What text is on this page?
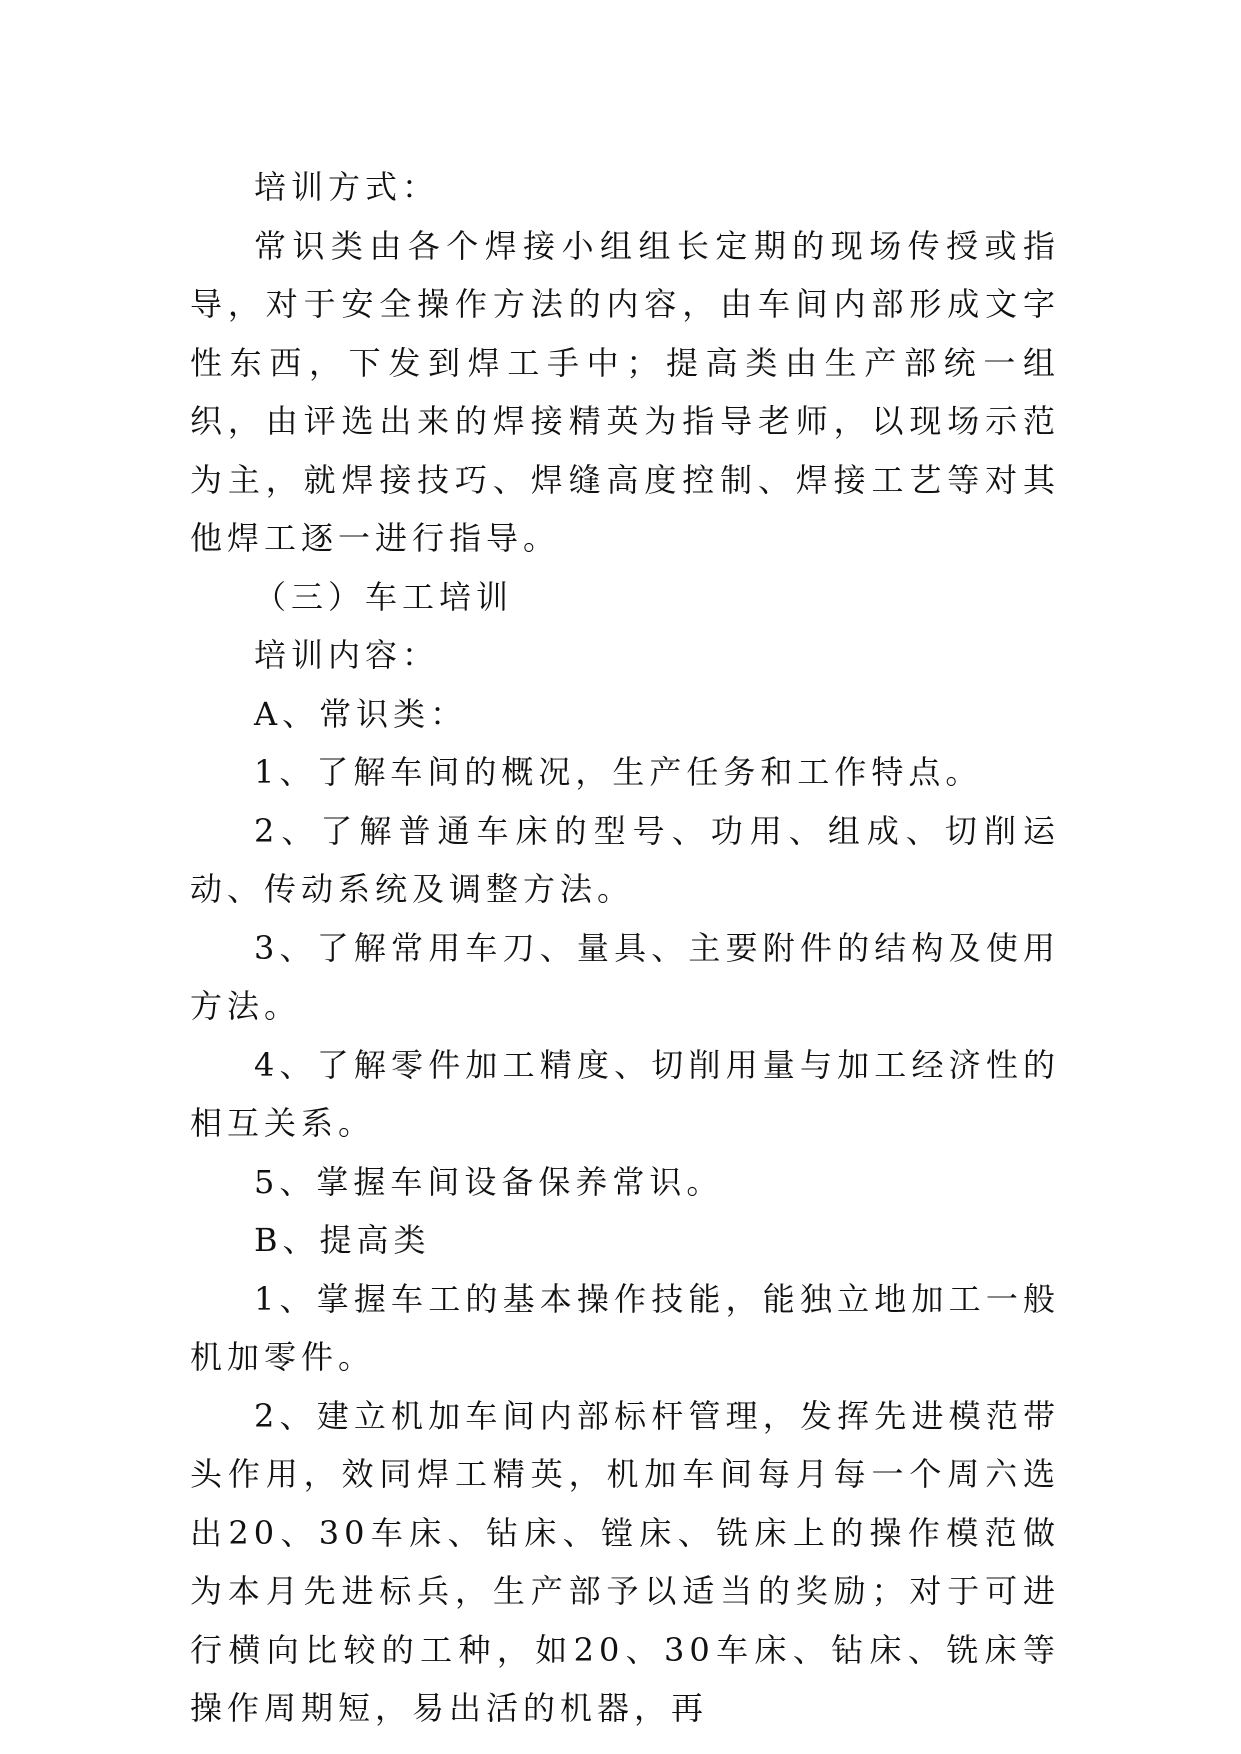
培训方式：

常识类由各个焊接小组组长定期的现场传授或指导，对于安全操作方法的内容，由车间内部形成文字性东西，下发到焊工手中；提高类由生产部统一组织，由评选出来的焊接精英为指导老师，以现场示范为主，就焊接技巧、焊缝高度控制、焊接工艺等对其他焊工逐一进行指导。

（三）车工培训

培训内容：

A、常识类：

1、了解车间的概况，生产任务和工作特点。

2、了解普通车床的型号、功用、组成、切削运动、传动系统及调整方法。

3、了解常用车刀、量具、主要附件的结构及使用方法。

4、了解零件加工精度、切削用量与加工经济性的相互关系。

5、掌握车间设备保养常识。

B、提高类

1、掌握车工的基本操作技能，能独立地加工一般机加零件。

2、建立机加车间内部标杆管理，发挥先进模范带头作用，效同焊工精英，机加车间每月每一个周六选出20、30车床、钻床、镗床、铣床上的操作模范做为本月先进标兵，生产部予以适当的奖励；对于可进行横向比较的工种，如20、30车床、钻床、铣床等操作周期短，易出活的机器，再
